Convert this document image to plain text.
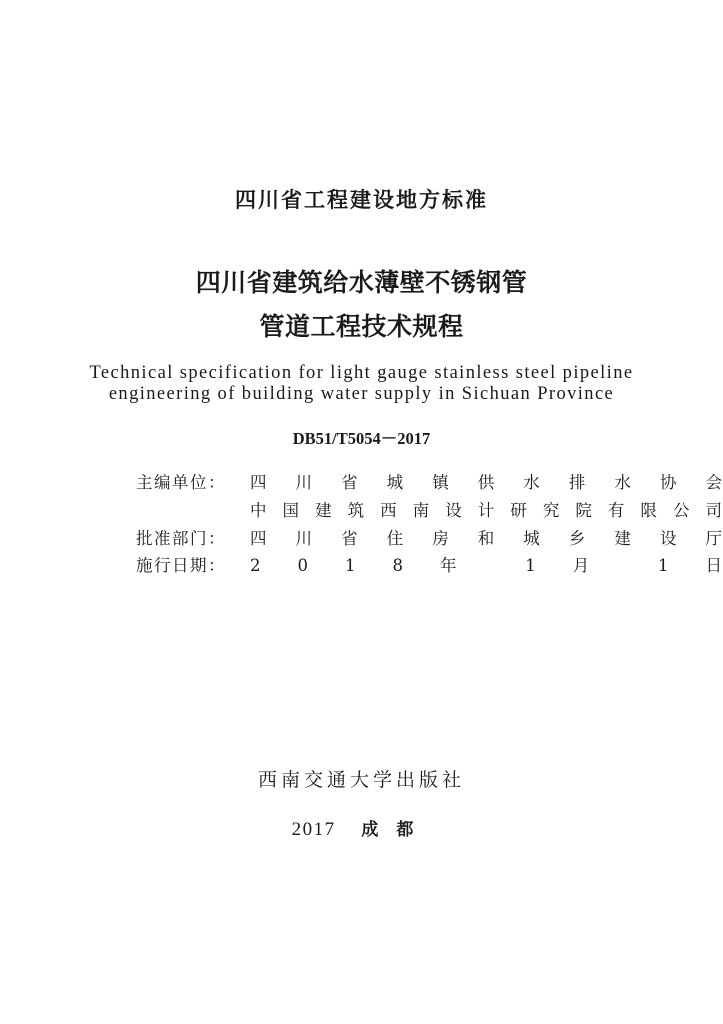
四川省工程建设地方标准
四川省建筑给水薄壁不锈钢管
管道工程技术规程
Technical specification for light gauge stainless steel pipeline
engineering of building water supply in Sichuan Province
DB51/T5054－2017
主编单位：	四川省城镇供水排水协会
中国建筑西南设计研究院有限公司
批准部门：	四川省住房和城乡建设厅
施行日期：	2 0 1 8 年 1 月 1 日
西南交通大学出版社
2017 成都
